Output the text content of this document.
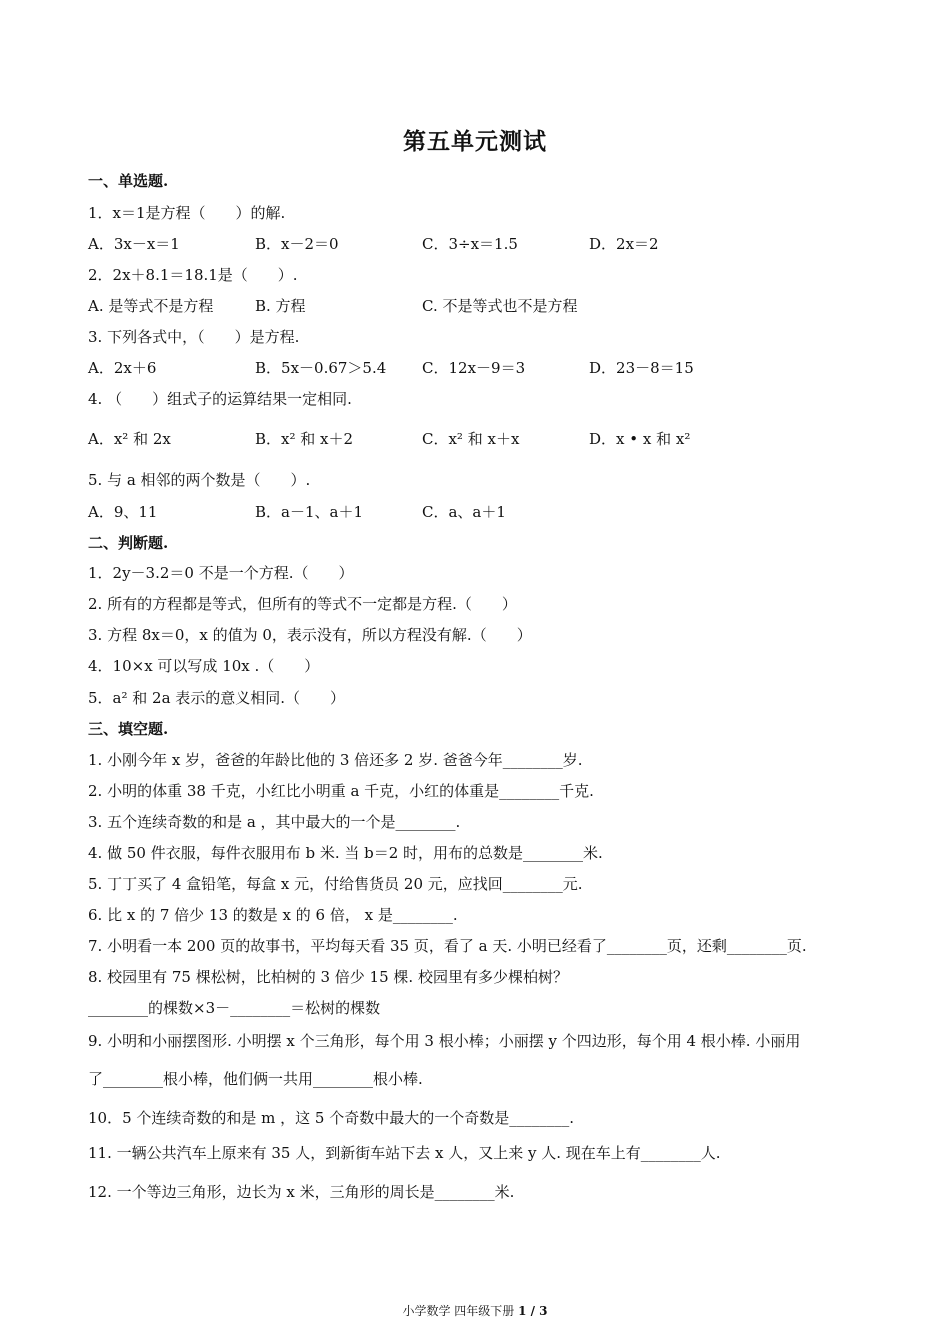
第五单元测试
一、单选题.
1．x＝1是方程（　　）的解.
A．3x－x＝1	B．x－2＝0	C．3÷x＝1.5	D．2x＝2
2．2x＋8.1＝18.1是（　　）.
A. 是等式不是方程	B. 方程	C. 不是等式也不是方程
3. 下列各式中，（　　）是方程.
A．2x＋6	B．5x－0.67＞5.4 C．12x－9＝3	D．23－8＝15
4. （　　）组式子的运算结果一定相同.
A．x² 和 2x	B．x² 和 x＋2	C．x² 和 x＋x	D．x • x 和 x²
5. 与 a 相邻的两个数是（　　）.
A．9、11	B．a－1、a＋1	C．a、a＋1
二、判断题.
1．2y－3.2＝0 不是一个方程.（　　）
2. 所有的方程都是等式，但所有的等式不一定都是方程.（　　）
3. 方程 8x＝0，x 的值为 0，表示没有，所以方程没有解.（　　）
4．10×x 可以写成 10x .（　　）
5．a² 和 2a 表示的意义相同.（　　）
三、填空题.
1. 小刚今年 x 岁，爸爸的年龄比他的 3 倍还多 2 岁. 爸爸今年________岁.
2. 小明的体重 38 千克，小红比小明重 a 千克，小红的体重是________千克.
3. 五个连续奇数的和是 a ，其中最大的一个是________.
4. 做 50 件衣服，每件衣服用布 b 米. 当 b＝2 时，用布的总数是________米.
5. 丁丁买了 4 盒铅笔，每盒 x 元，付给售货员 20 元，应找回________元.
6. 比 x 的 7 倍少 13 的数是 x 的 6 倍， x 是________.
7. 小明看一本 200 页的故事书，平均每天看 35 页，看了 a 天. 小明已经看了________页，还剩________页.
8. 校园里有 75 棵松树，比柏树的 3 倍少 15 棵. 校园里有多少棵柏树？
________的棵数×3－________＝松树的棵数
9. 小明和小丽摆图形. 小明摆 x 个三角形，每个用 3 根小棒；小丽摆 y 个四边形，每个用 4 根小棒. 小丽用
了________根小棒，他们俩一共用________根小棒.
10．5 个连续奇数的和是 m ，这 5 个奇数中最大的一个奇数是________.
11. 一辆公共汽车上原来有 35 人，到新街车站下去 x 人，又上来 y 人. 现在车上有________人.
12. 一个等边三角形，边长为 x 米，三角形的周长是________米.
小学数学 四年级下册 1 / 3
